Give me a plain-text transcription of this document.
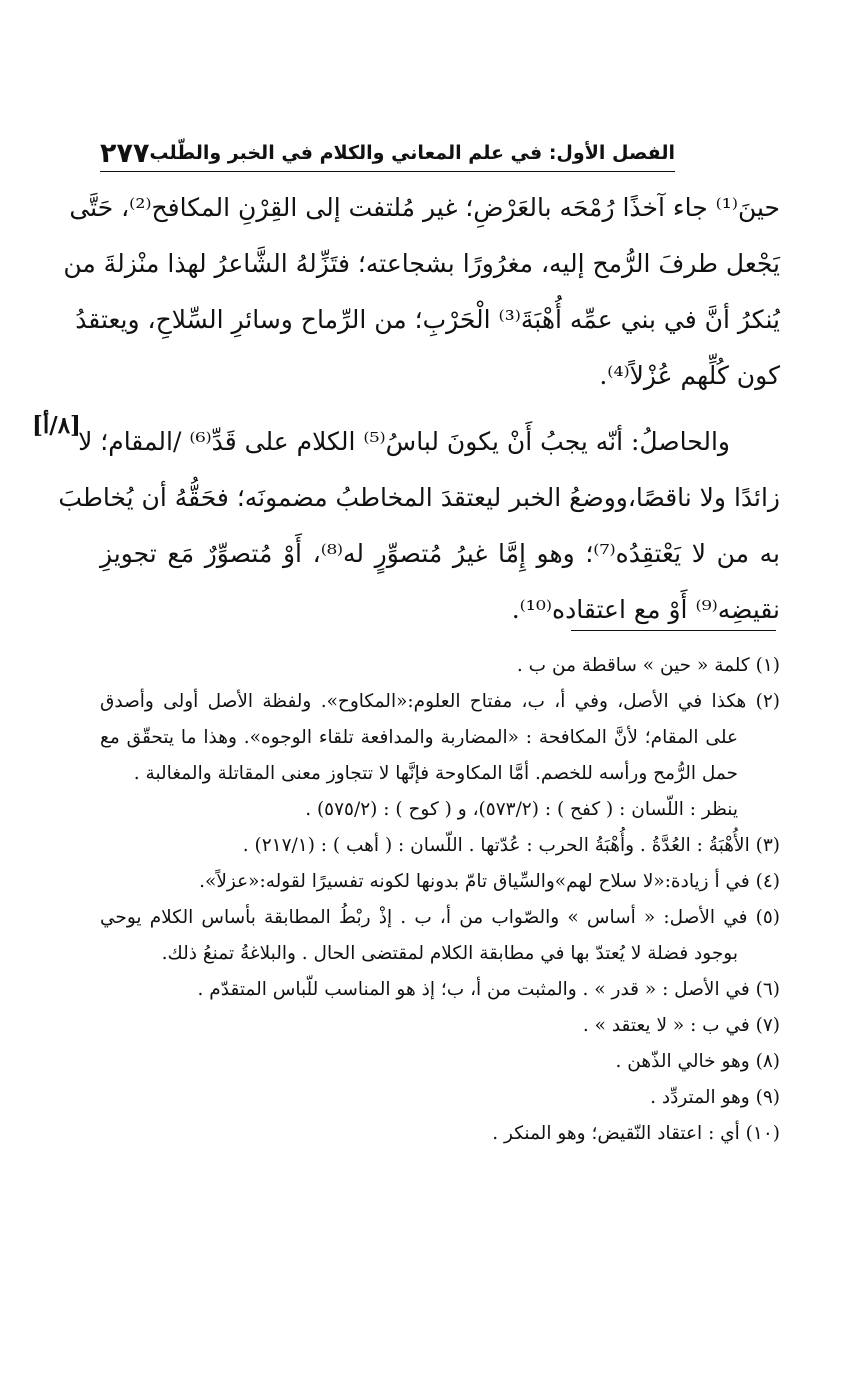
الفصل الأول: في علم المعاني والكلام في الخبر والطّلب
٢٧٧
حينَ⁽¹⁾ جاء آخذًا رُمْحَه بالعَرْضِ؛ غير مُلتفت إلى القِرْنِ المكافح⁽²⁾، حَتَّى
يَجْعل طرفَ الرُّمح إليه، مغرُورًا بشجاعته؛ فتَزِّلهُ الشَّاعرُ لهذا منْزلةَ من
يُنكرُ أنَّ في بني عمِّه أُهْبَةَ⁽³⁾ الْحَرْبِ؛ من الرِّماح وسائرِ السِّلاحِ، ويعتقدُ
كون كُلِّهم عُزْلاً⁽⁴⁾.
والحاصلُ: أنّه يجبُ أَنْ يكونَ لباسُ⁽⁵⁾ الكلام على قَدِّ⁽⁶⁾ /المقام؛ لا
زائدًا ولا ناقصًا،ووضعُ الخبر ليعتقدَ المخاطبُ مضمونَه؛ فحَقُّهُ أن يُخاطبَ
به من لا يَعْتقِدُه⁽⁷⁾؛ وهو إِمَّا غيرُ مُتصوِّرٍ له⁽⁸⁾، أَوْ مُتصوِّرٌ مَع تجويزِ
نقيضِه⁽⁹⁾ أَوْ مع اعتقاده⁽¹⁰⁾.
[٨/أ]
(١) كلمة « حين » ساقطة من ب .
(٢) هكذا في الأصل، وفي أ، ب، مفتاح العلوم:«المكاوح». ولفظة الأصل أولى وأصدق
على المقام؛ لأنَّ المكافحة : «المضاربة والمدافعة تلقاء الوجوه». وهذا ما يتحقّق مع
حمل الرُّمح ورأسه للخصم. أمَّا المكاوحة فإنَّها لا تتجاوز معنى المقاتلة والمغالبة .
ينظر : اللّسان : ( كفح ) : (٥٧٣/٢)، و ( كوح ) : (٥٧٥/٢) .
(٣) الأُهْبَةُ : العُدَّةُ . وأُهْبَةُ الحرب : عُدّتها . اللّسان : ( أهب ) : (٢١٧/١) .
(٤) في أ زيادة:«لا سلاح لهم»والسِّياق تامّ بدونها لكونه تفسيرًا لقوله:«عزلاً».
(٥) في الأصل: « أساس » والصّواب من أ، ب . إذْ ربْطُ المطابقة بأساس الكلام يوحي
بوجود فضلة لا يُعتدّ بها في مطابقة الكلام لمقتضى الحال . والبلاغةُ تمنعُ ذلك.
(٦) في الأصل : « قدر » . والمثبت من أ، ب؛ إذ هو المناسب للّباس المتقدّم .
(٧) في ب : « لا يعتقد » .
(٨) وهو خالي الذّهن .
(٩) وهو المتردِّد .
(١٠) أي : اعتقاد النّقيض؛ وهو المنكر .
